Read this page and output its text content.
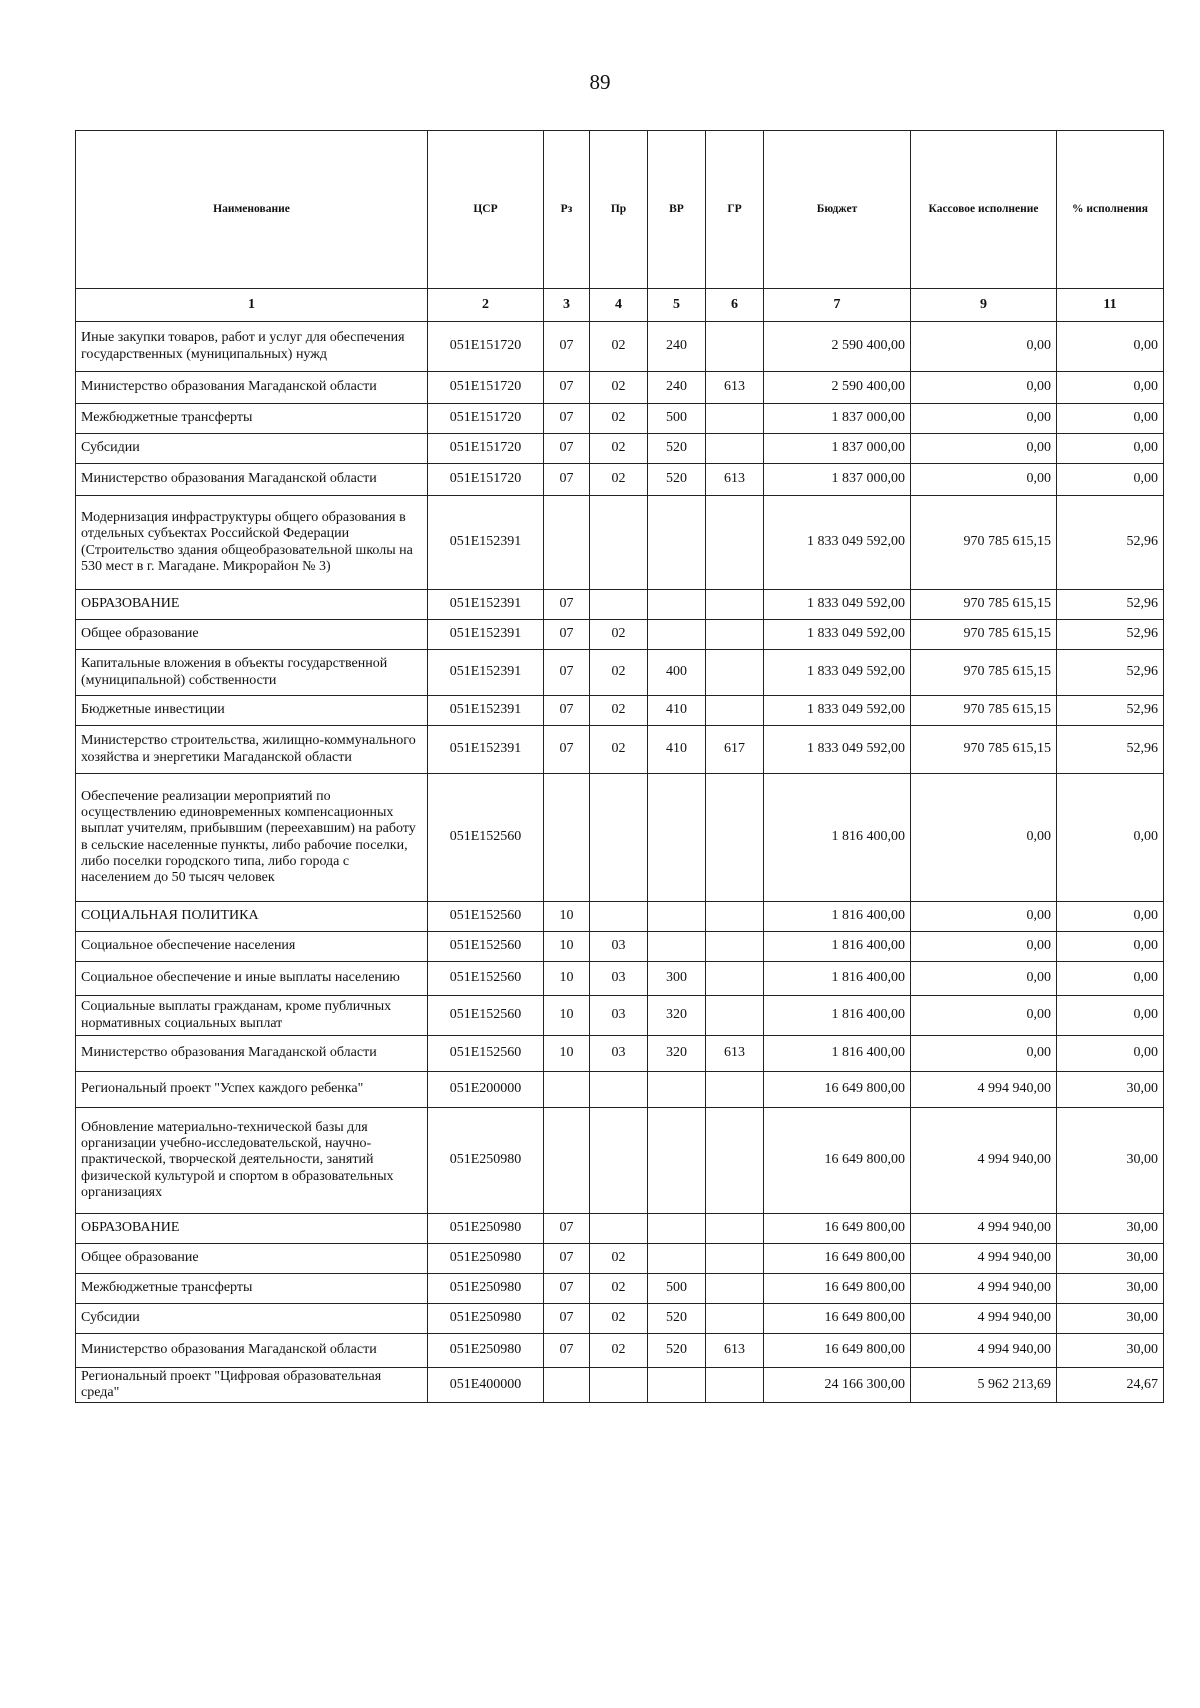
89
Наименование	ЦСР	Рз	Пр	ВР	ГР	Бюджет	Кассовое исполнение	% исполнения
1	2	3	4	5	6	7	9	11
Иные закупки товаров, работ и услуг для обеспечения государственных (муниципальных) нужд	051E151720	07	02	240		2 590 400,00	0,00	0,00
Министерство образования Магаданской области	051E151720	07	02	240	613	2 590 400,00	0,00	0,00
Межбюджетные трансферты	051E151720	07	02	500		1 837 000,00	0,00	0,00
Субсидии	051E151720	07	02	520		1 837 000,00	0,00	0,00
Министерство образования Магаданской области	051E151720	07	02	520	613	1 837 000,00	0,00	0,00
Модернизация инфраструктуры общего образования в отдельных субъектах Российской Федерации (Строительство здания общеобразовательной школы на 530 мест в г. Магадане. Микрорайон № 3)	051E152391					1 833 049 592,00	970 785 615,15	52,96
ОБРАЗОВАНИЕ	051E152391	07				1 833 049 592,00	970 785 615,15	52,96
Общее образование	051E152391	07	02			1 833 049 592,00	970 785 615,15	52,96
Капитальные вложения в объекты государственной (муниципальной) собственности	051E152391	07	02	400		1 833 049 592,00	970 785 615,15	52,96
Бюджетные инвестиции	051E152391	07	02	410		1 833 049 592,00	970 785 615,15	52,96
Министерство строительства, жилищно-коммунального хозяйства и энергетики Магаданской области	051E152391	07	02	410	617	1 833 049 592,00	970 785 615,15	52,96
Обеспечение реализации мероприятий по осуществлению единовременных компенсационных выплат учителям, прибывшим (переехавшим) на работу в сельские населенные пункты, либо рабочие поселки, либо поселки городского типа, либо города с населением до 50 тысяч человек	051E152560					1 816 400,00	0,00	0,00
СОЦИАЛЬНАЯ ПОЛИТИКА	051E152560	10				1 816 400,00	0,00	0,00
Социальное обеспечение населения	051E152560	10	03			1 816 400,00	0,00	0,00
Социальное обеспечение и иные выплаты населению	051E152560	10	03	300		1 816 400,00	0,00	0,00
Социальные выплаты гражданам, кроме публичных нормативных социальных выплат	051E152560	10	03	320		1 816 400,00	0,00	0,00
Министерство образования Магаданской области	051E152560	10	03	320	613	1 816 400,00	0,00	0,00
Региональный проект "Успех каждого ребенка"	051E200000					16 649 800,00	4 994 940,00	30,00
Обновление материально-технической базы для организации учебно-исследовательской, научно-практической, творческой деятельности, занятий физической культурой и спортом в образовательных организациях	051E250980					16 649 800,00	4 994 940,00	30,00
ОБРАЗОВАНИЕ	051E250980	07				16 649 800,00	4 994 940,00	30,00
Общее образование	051E250980	07	02			16 649 800,00	4 994 940,00	30,00
Межбюджетные трансферты	051E250980	07	02	500		16 649 800,00	4 994 940,00	30,00
Субсидии	051E250980	07	02	520		16 649 800,00	4 994 940,00	30,00
Министерство образования Магаданской области	051E250980	07	02	520	613	16 649 800,00	4 994 940,00	30,00
Региональный проект "Цифровая образовательная среда"	051E400000					24 166 300,00	5 962 213,69	24,67
